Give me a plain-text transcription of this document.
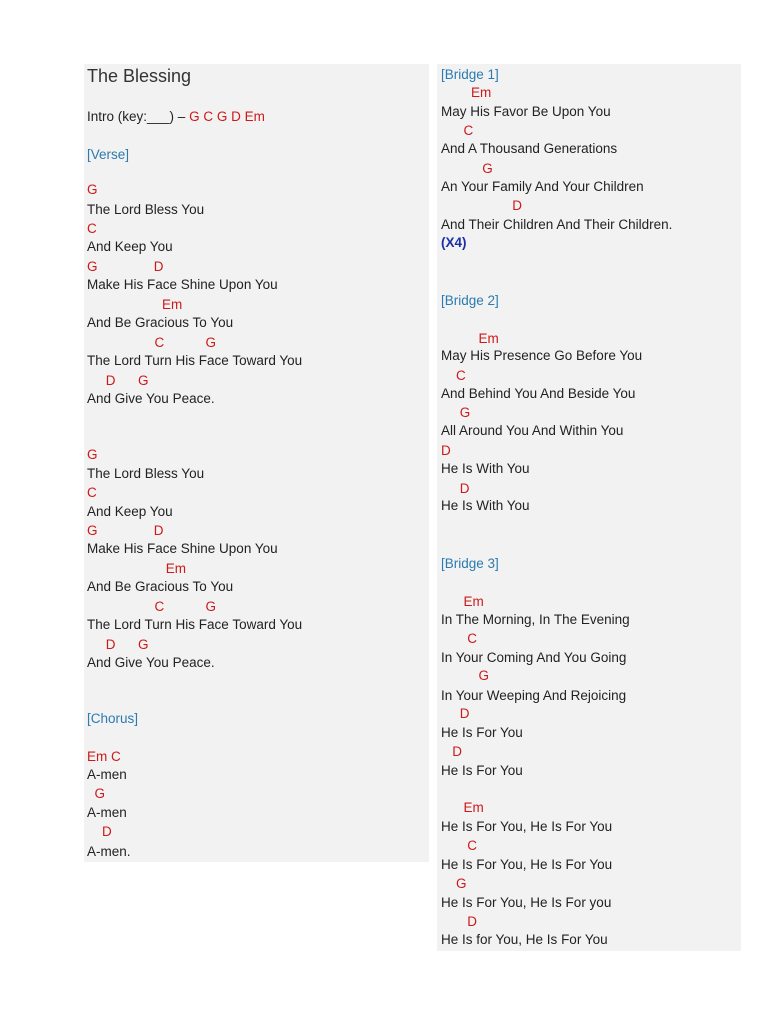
The Blessing
Intro (key:___) – G C G D Em
[Verse]
G
The Lord Bless You
C
And Keep You
G               D
Make His Face Shine Upon You
Em
And Be Gracious To You
C           G
The Lord Turn His Face Toward You
D      G
And Give You Peace.
G
The Lord Bless You
C
And Keep You
G               D
Make His Face Shine Upon You
Em
And Be Gracious To You
C           G
The Lord Turn His Face Toward You
D      G
And Give You Peace.
[Chorus]
Em C
A-men
G
A-men
D
A-men.
[Bridge 1]
Em
May His Favor Be Upon You
C
And A Thousand Generations
G
An Your Family And Your Children
D
And Their Children And Their Children.
(X4)
[Bridge 2]
Em
May His Presence Go Before You
C
And Behind You And Beside You
G
All Around You And Within You
D
He Is With You
D
He Is With You
[Bridge 3]
Em
In The Morning, In The Evening
C
In Your Coming And You Going
G
In Your Weeping And Rejoicing
D
He Is For You
D
He Is For You
Em
He Is For You, He Is For You
C
He Is For You, He Is For You
G
He Is For You, He Is For you
D
He Is for You, He Is For You
